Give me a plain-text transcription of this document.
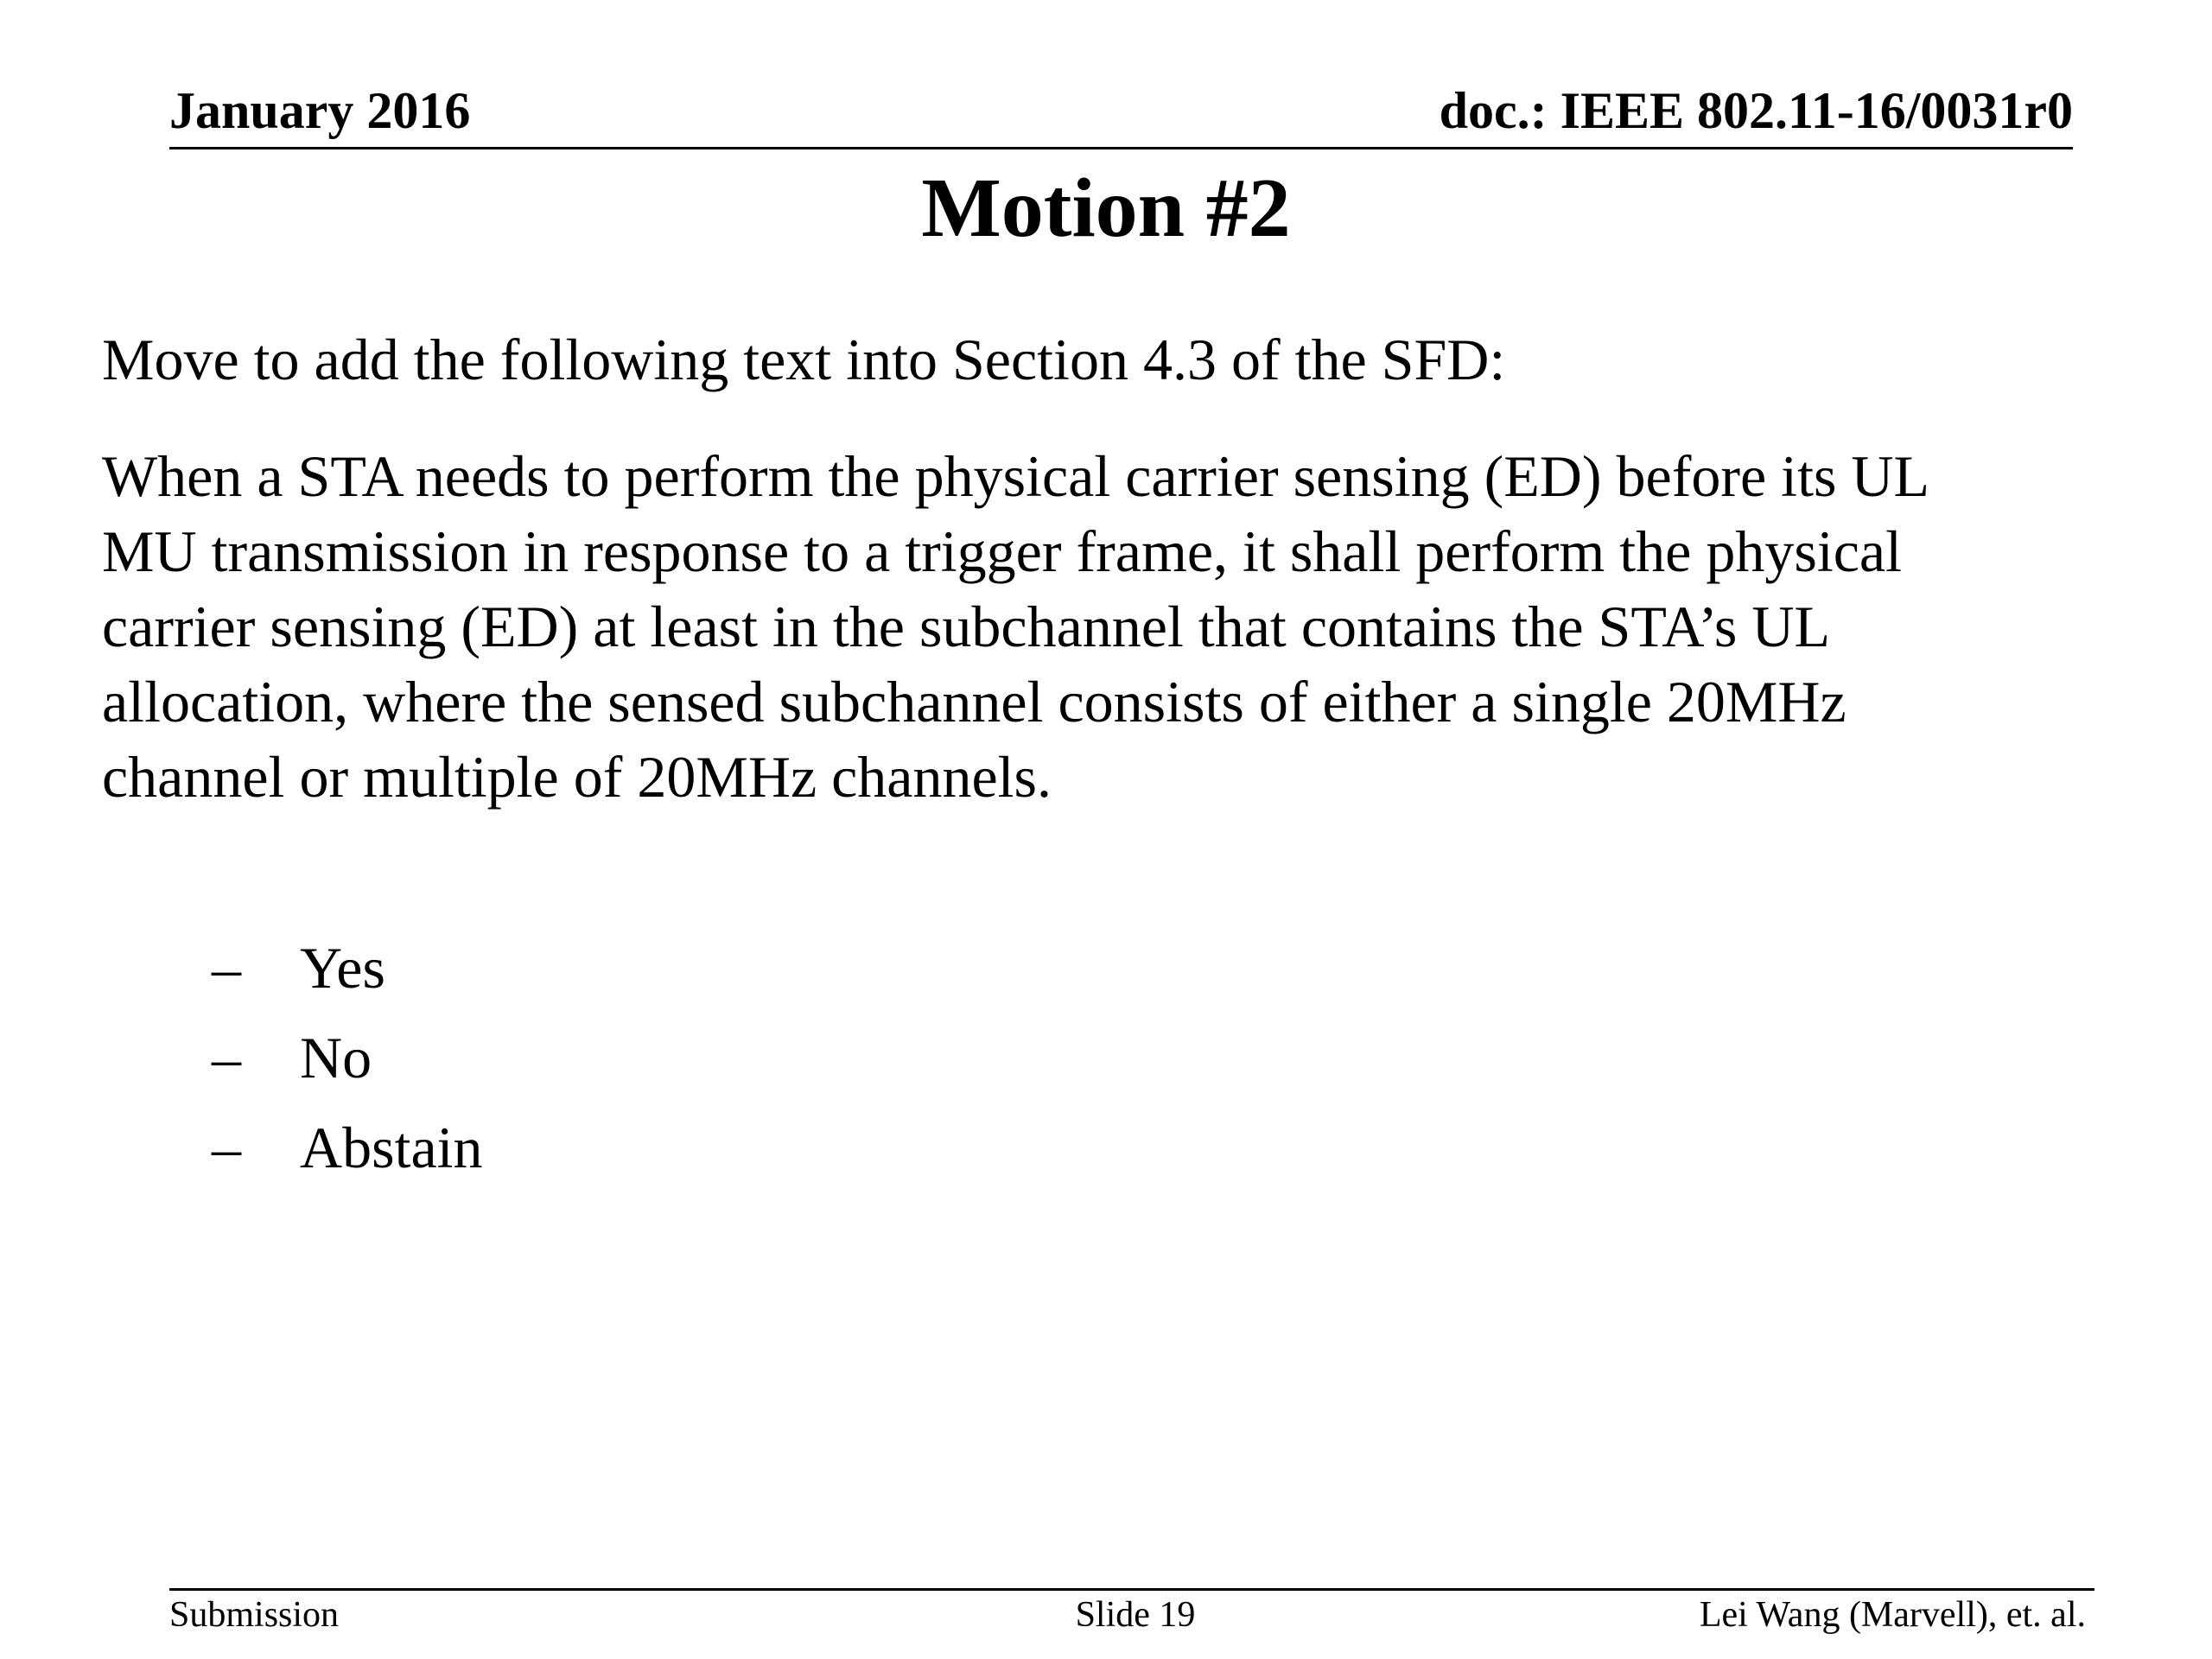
January 2016	doc.: IEEE 802.11-16/0031r0
Motion #2
Move to add the following text into Section 4.3 of the SFD:

When a STA needs to perform the physical carrier sensing (ED) before its UL
MU transmission in response to a trigger frame, it shall perform the physical
carrier sensing (ED) at least in the subchannel that contains the STA’s UL
allocation, where the sensed subchannel consists of either a single 20MHz
channel or multiple of 20MHz channels.

–	Yes
–	No
–	Abstain
Submission	Slide 19	Lei Wang (Marvell), et. al.
